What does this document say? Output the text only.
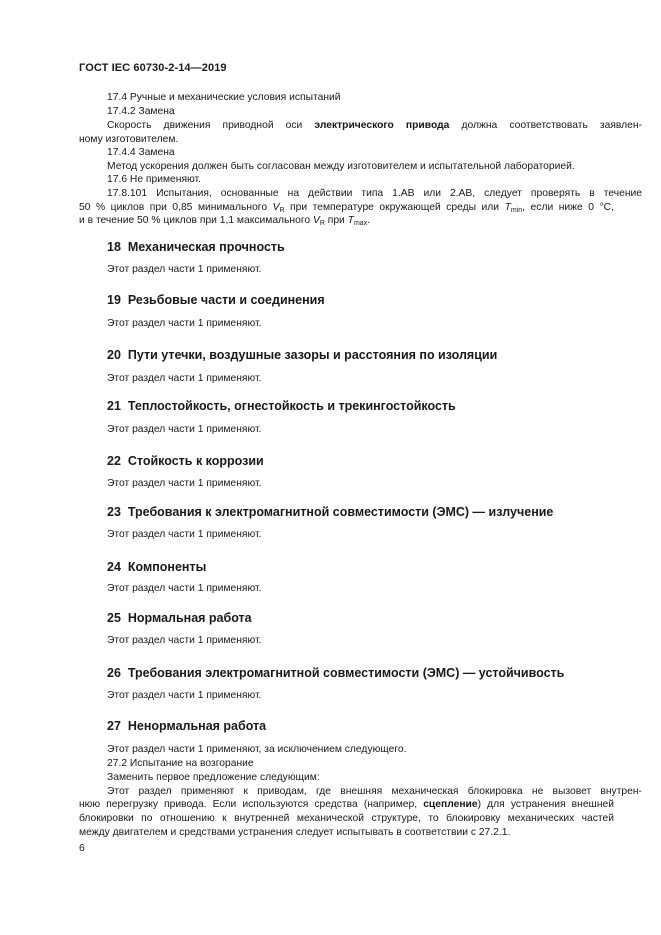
ГОСТ IEC 60730-2-14—2019
17.4 Ручные и механические условия испытаний
17.4.2 Замена
Скорость движения приводной оси электрического привода должна соответствовать заявлен-
ному изготовителем.
17.4.4 Замена
Метод ускорения должен быть согласован между изготовителем и испытательной лабораторией.
17.6 Не применяют.
17.8.101 Испытания, основанные на действии типа 1.АВ или 2.АВ, следует проверять в течение
50 % циклов при 0,85 минимального $V_R$ при температуре окружающей среды или $T_{min}$, если ниже 0 °C,
и в течение 50 % циклов при 1,1 максимального $V_R$ при $T_{max}$.
18 Механическая прочность
Этот раздел части 1 применяют.
19 Резьбовые части и соединения
Этот раздел части 1 применяют.
20 Пути утечки, воздушные зазоры и расстояния по изоляции
Этот раздел части 1 применяют.
21 Теплостойкость, огнестойкость и трекингостойкость
Этот раздел части 1 применяют.
22 Стойкость к коррозии
Этот раздел части 1 применяют.
23 Требования к электромагнитной совместимости (ЭМС) — излучение
Этот раздел части 1 применяют.
24 Компоненты
Этот раздел части 1 применяют.
25 Нормальная работа
Этот раздел части 1 применяют.
26 Требования электромагнитной совместимости (ЭМС) — устойчивость
Этот раздел части 1 применяют.
27 Ненормальная работа
Этот раздел части 1 применяют, за исключением следующего.
27.2 Испытание на возгорание
Заменить первое предложение следующим:
Этот раздел применяют к приводам, где внешняя механическая блокировка не вызовет внутрен-
нюю перегрузку привода. Если используются средства (например, сцепление) для устранения внешней
блокировки по отношению к внутренней механической структуре, то блокировку механических частей
между двигателем и средствами устранения следует испытывать в соответствии с 27.2.1.
6
